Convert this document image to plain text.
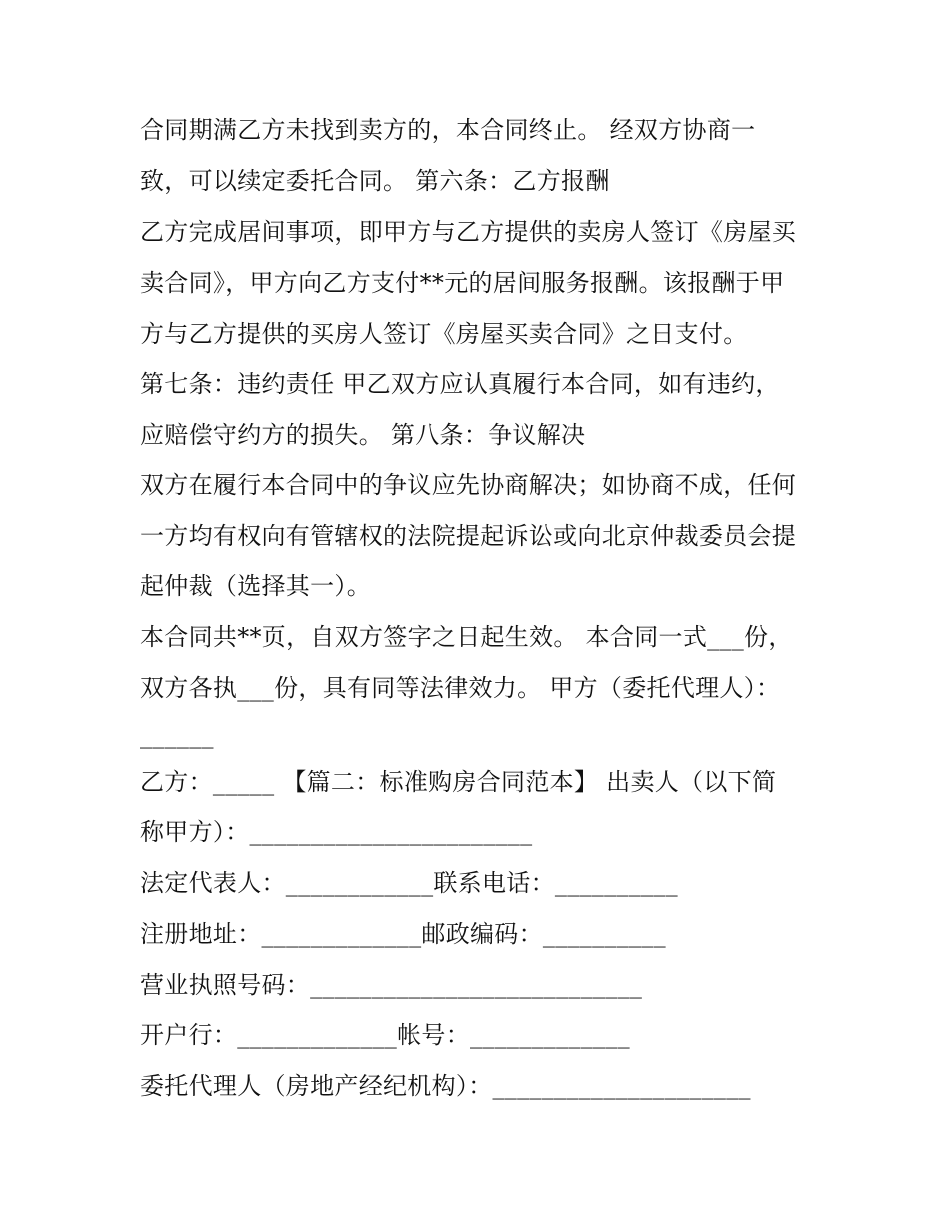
合同期满乙方未找到卖方的，本合同终止。 经双方协商一
致，可以续定委托合同。 第六条：乙方报酬
乙方完成居间事项，即甲方与乙方提供的卖房人签订《房屋买
卖合同》，甲方向乙方支付**元的居间服务报酬。该报酬于甲
方与乙方提供的买房人签订《房屋买卖合同》之日支付。
第七条：违约责任 甲乙双方应认真履行本合同，如有违约，
应赔偿守约方的损失。 第八条：争议解决
双方在履行本合同中的争议应先协商解决；如协商不成，任何
一方均有权向有管辖权的法院提起诉讼或向北京仲裁委员会提
起仲裁（选择其一）。
本合同共**页，自双方签字之日起生效。 本合同一式___份，
双方各执___份，具有同等法律效力。 甲方（委托代理人）：
______
乙方：_____ 【篇二：标准购房合同范本】 出卖人（以下简
称甲方）：_______________________
法定代表人：____________联系电话：__________
注册地址：_____________邮政编码：__________
营业执照号码：___________________________
开户行：_____________帐号：_____________
委托代理人（房地产经纪机构）：_____________________
